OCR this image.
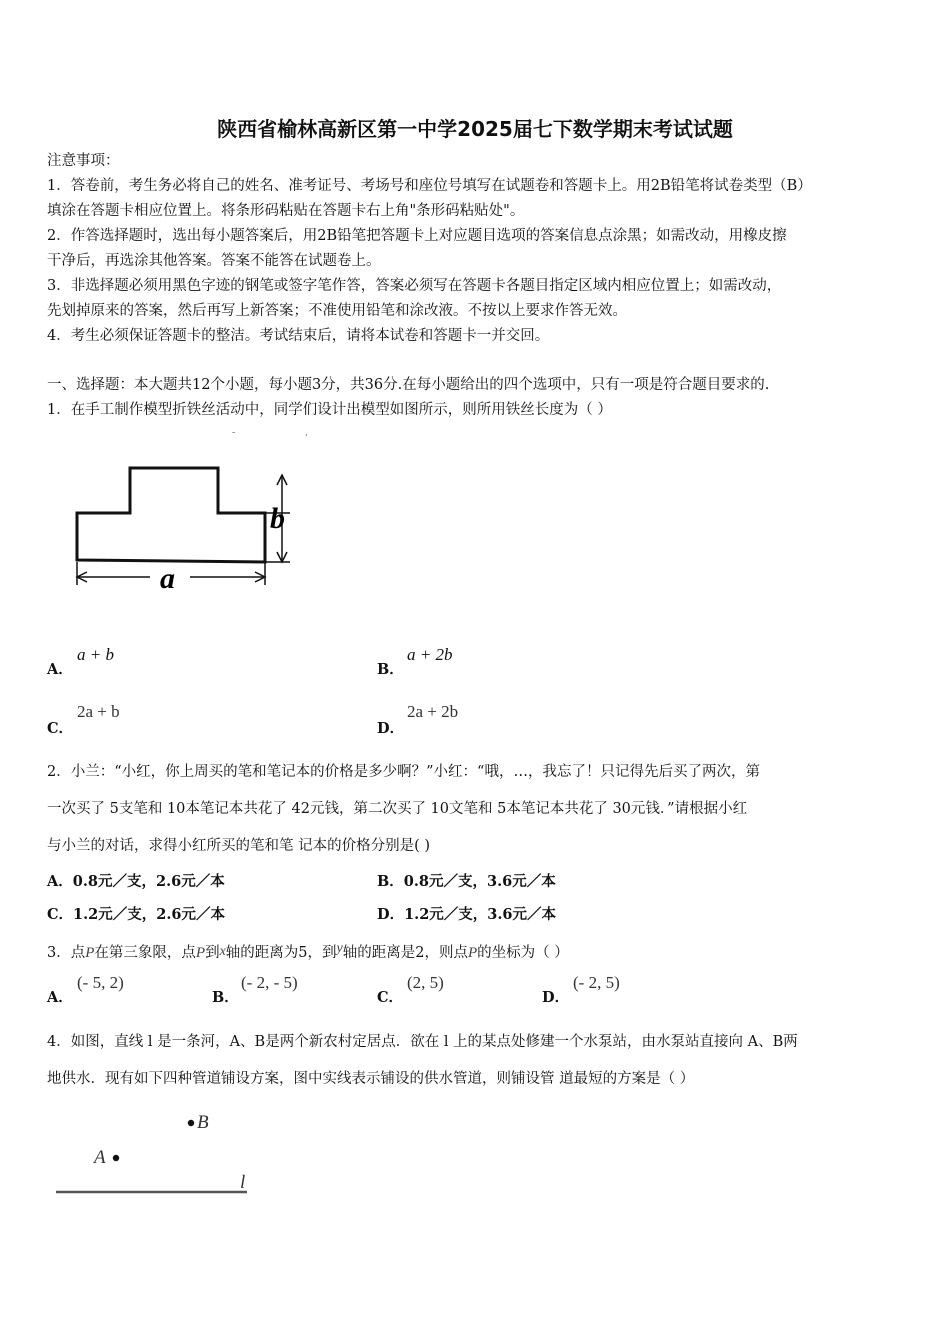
陕西省榆林高新区第一中学2025届七下数学期末考试试题
注意事项：
1．答卷前，考生务必将自己的姓名、准考证号、考场号和座位号填写在试题卷和答题卡上。用2B铅笔将试卷类型（B）
填涂在答题卡相应位置上。将条形码粘贴在答题卡右上角"条形码粘贴处"。
2．作答选择题时，选出每小题答案后，用2B铅笔把答题卡上对应题目选项的答案信息点涂黑；如需改动，用橡皮擦
干净后，再选涂其他答案。答案不能答在试题卷上。
3．非选择题必须用黑色字迹的钢笔或签字笔作答，答案必须写在答题卡各题目指定区域内相应位置上；如需改动，
先划掉原来的答案，然后再写上新答案；不准使用铅笔和涂改液。不按以上要求作答无效。
4．考生必须保证答题卡的整洁。考试结束后，请将本试卷和答题卡一并交回。
一、选择题：本大题共12个小题，每小题3分，共36分.在每小题给出的四个选项中，只有一项是符合题目要求的.
1．在手工制作模型折铁丝活动中，同学们设计出模型如图所示，则所用铁丝长度为（ ）
b
a
-	,
A．
a + b
B．
a + 2b
C．
2a + b
D．
2a + 2b
2．小兰：“小红，你上周买的笔和笔记本的价格是多少啊？”小红：“哦，…，我忘了！只记得先后买了两次，第
一次买了 5支笔和 10本笔记本共花了 42元钱，第二次买了 10文笔和 5本笔记本共花了 30元钱．”请根据小红
与小兰的对话，求得小红所买的笔和笔 记本的价格分别是( )
A．0.8元／支，2.6元／本	B．0.8元／支，3.6元／本
C．1.2元／支，2.6元／本	D．1.2元／支，3.6元／本
3．点P在第三象限，点P到x轴的距离为5，到y轴的距离是2，则点P的坐标为（ ）
A．
(- 5, 2)
B．
(- 2, - 5)
C．
(2, 5)
D．
(- 2, 5)
4．如图，直线 l 是一条河，A、B是两个新农村定居点．欲在 l 上的某点处修建一个水泵站，由水泵站直接向 A、B两
地供水．现有如下四种管道铺设方案，图中实线表示铺设的供水管道，则铺设管 道最短的方案是（ ）
B
A
l
